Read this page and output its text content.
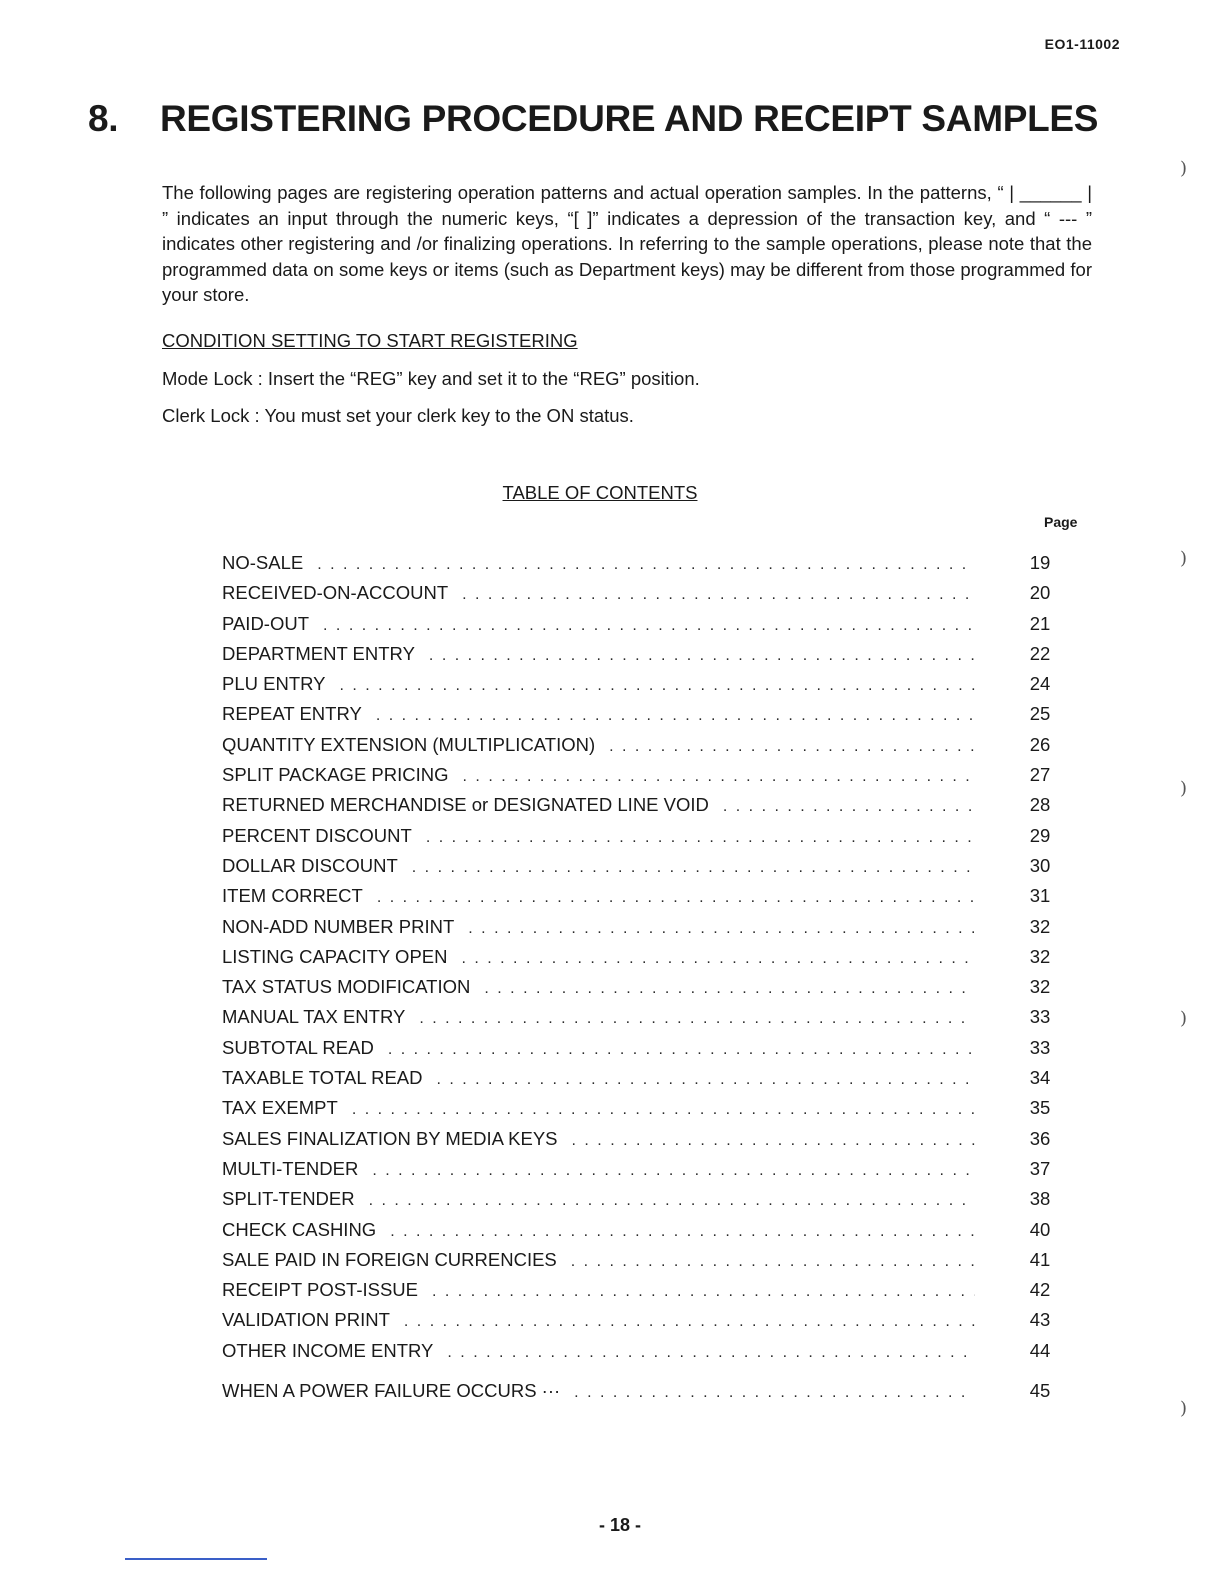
EO1-11002
8.	REGISTERING PROCEDURE AND RECEIPT SAMPLES

The following pages are registering operation patterns and actual operation samples. In the patterns, “ | ______ | ” indicates an input through the numeric keys, “[ ]” indicates a depression of the transaction key, and “ --- ” indicates other registering and /or finalizing operations. In referring to the sample operations, please note that the programmed data on some keys or items (such as Department keys) may be different from those programmed for your store.

CONDITION SETTING TO START REGISTERING
Mode Lock : Insert the “REG” key and set it to the “REG” position.
Clerk Lock : You must set your clerk key to the ON status.
TABLE OF CONTENTS
Page
NO-SALE . . .	19
RECEIVED-ON-ACCOUNT . . .	20
PAID-OUT . . .	21
DEPARTMENT ENTRY . . .	22
PLU ENTRY . . .	24
REPEAT ENTRY . . .	25
QUANTITY EXTENSION (MULTIPLICATION) . . .	26
SPLIT PACKAGE PRICING . . .	27
RETURNED MERCHANDISE or DESIGNATED LINE VOID . . .	28
PERCENT DISCOUNT . . .	29
DOLLAR DISCOUNT . . .	30
ITEM CORRECT . . .	31
NON-ADD NUMBER PRINT . . .	32
LISTING CAPACITY OPEN . . .	32
TAX STATUS MODIFICATION . . .	32
MANUAL TAX ENTRY . . .	33
SUBTOTAL READ . . .	33
TAXABLE TOTAL READ . . .	34
TAX EXEMPT . . .	35
SALES FINALIZATION BY MEDIA KEYS . . .	36
MULTI-TENDER . . .	37
SPLIT-TENDER . . .	38
CHECK CASHING . . .	40
SALE PAID IN FOREIGN CURRENCIES . . .	41
RECEIPT POST-ISSUE . . .	42
VALIDATION PRINT . . .	43
OTHER INCOME ENTRY . . .	44
WHEN A POWER FAILURE OCCURS ··· . . .	45
)
)
)
)
)
- 18 -
